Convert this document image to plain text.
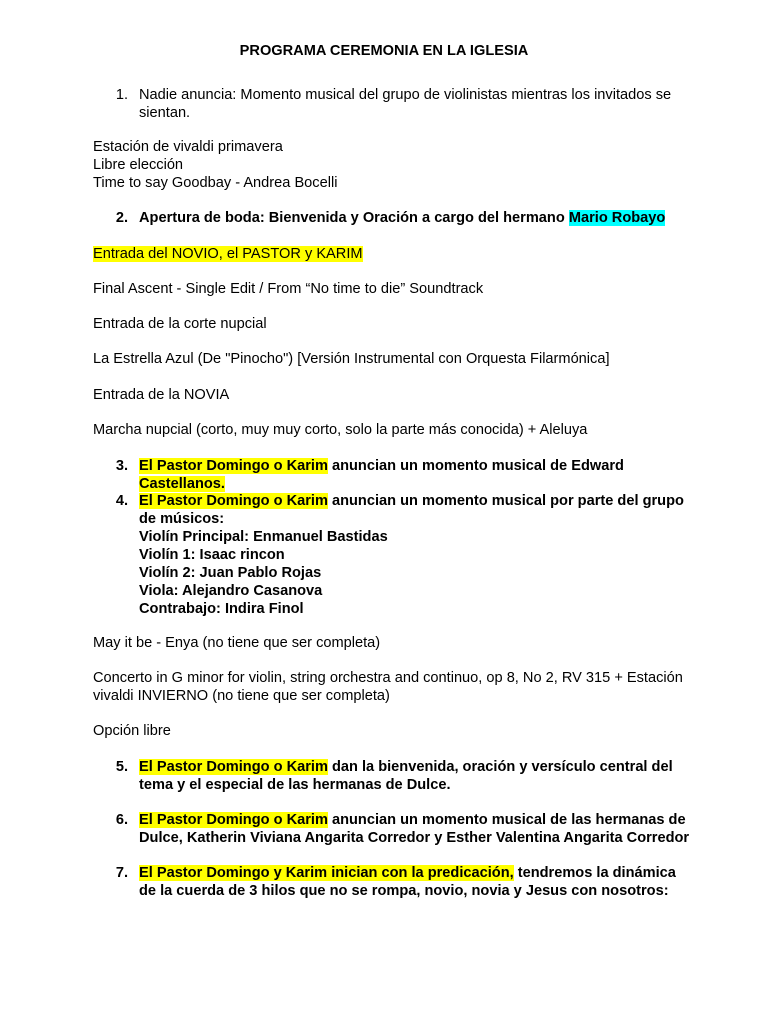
PROGRAMA CEREMONIA EN LA IGLESIA
1. Nadie anuncia: Momento musical del grupo de violinistas mientras los invitados se
sientan.
Estación de vivaldi primavera
Libre elección
Time to say Goodbay - Andrea Bocelli
2. Apertura de boda: Bienvenida y Oración a cargo del hermano Mario Robayo
Entrada del NOVIO, el PASTOR y KARIM
Final Ascent - Single Edit / From “No time to die” Soundtrack
Entrada de la corte nupcial
La Estrella Azul (De "Pinocho") [Versión Instrumental con Orquesta Filarmónica]
Entrada de la NOVIA
Marcha nupcial (corto, muy muy corto, solo la parte más conocida) + Aleluya
3. El Pastor Domingo o Karim anuncian un momento musical de Edward
Castellanos.
4. El Pastor Domingo o Karim anuncian un momento musical por parte del grupo
de músicos:
Violín Principal: Enmanuel Bastidas
Violín 1: Isaac rincon
Violín 2: Juan Pablo Rojas
Viola: Alejandro Casanova
Contrabajo: Indira Finol
May it be - Enya (no tiene que ser completa)
Concerto in G minor for violin, string orchestra and continuo, op 8, No 2, RV 315 + Estación
vivaldi INVIERNO (no tiene que ser completa)
Opción libre
5. El Pastor Domingo o Karim dan la bienvenida, oración y versículo central del
tema y el especial de las hermanas de Dulce.
6. El Pastor Domingo o Karim anuncian un momento musical de las hermanas de
Dulce, Katherin Viviana Angarita Corredor y Esther Valentina Angarita Corredor
7. El Pastor Domingo y Karim inician con la predicación, tendremos la dinámica
de la cuerda de 3 hilos que no se rompa, novio, novia y Jesus con nosotros:
